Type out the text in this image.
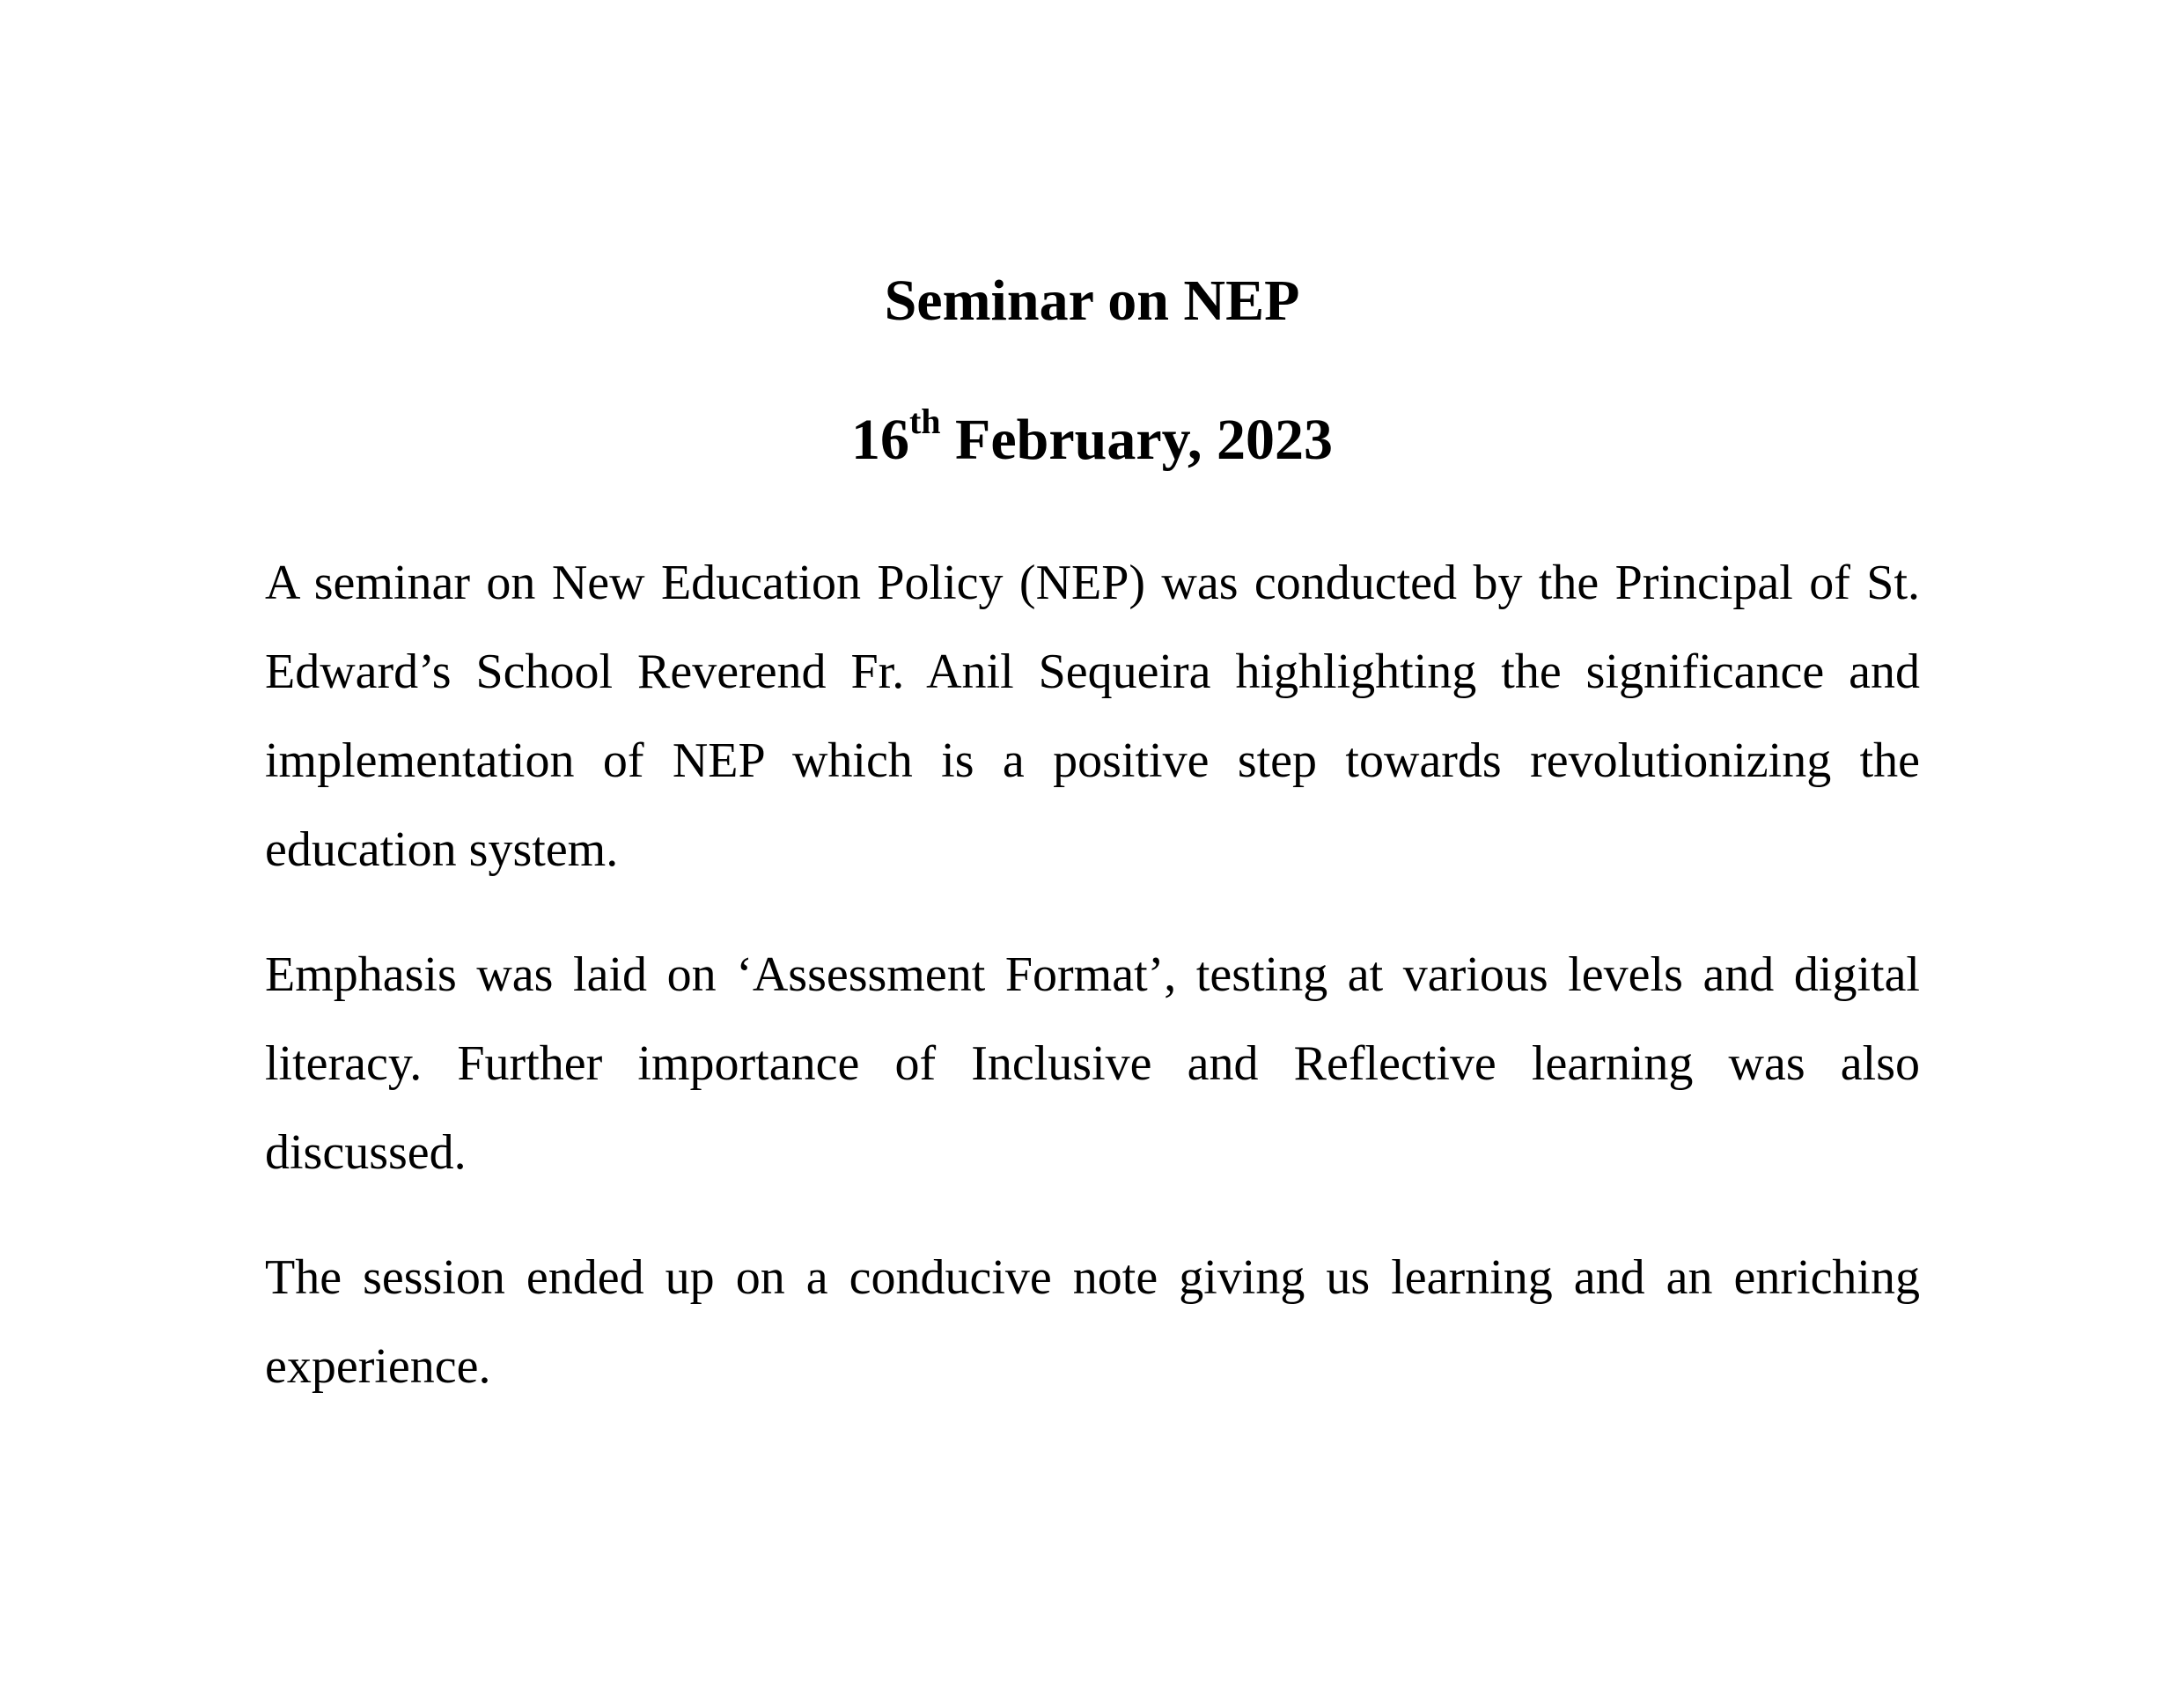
Seminar on NEP
16th February, 2023

A seminar on New Education Policy (NEP) was conducted by the Principal of St. Edward’s School Reverend Fr. Anil Sequeira highlighting the significance and implementation of NEP which is a positive step towards revolutionizing the education system.

Emphasis was laid on ‘Assessment Format’, testing at various levels and digital literacy. Further importance of Inclusive and Reflective learning was also discussed.

The session ended up on a conducive note giving us learning and an enriching experience.
